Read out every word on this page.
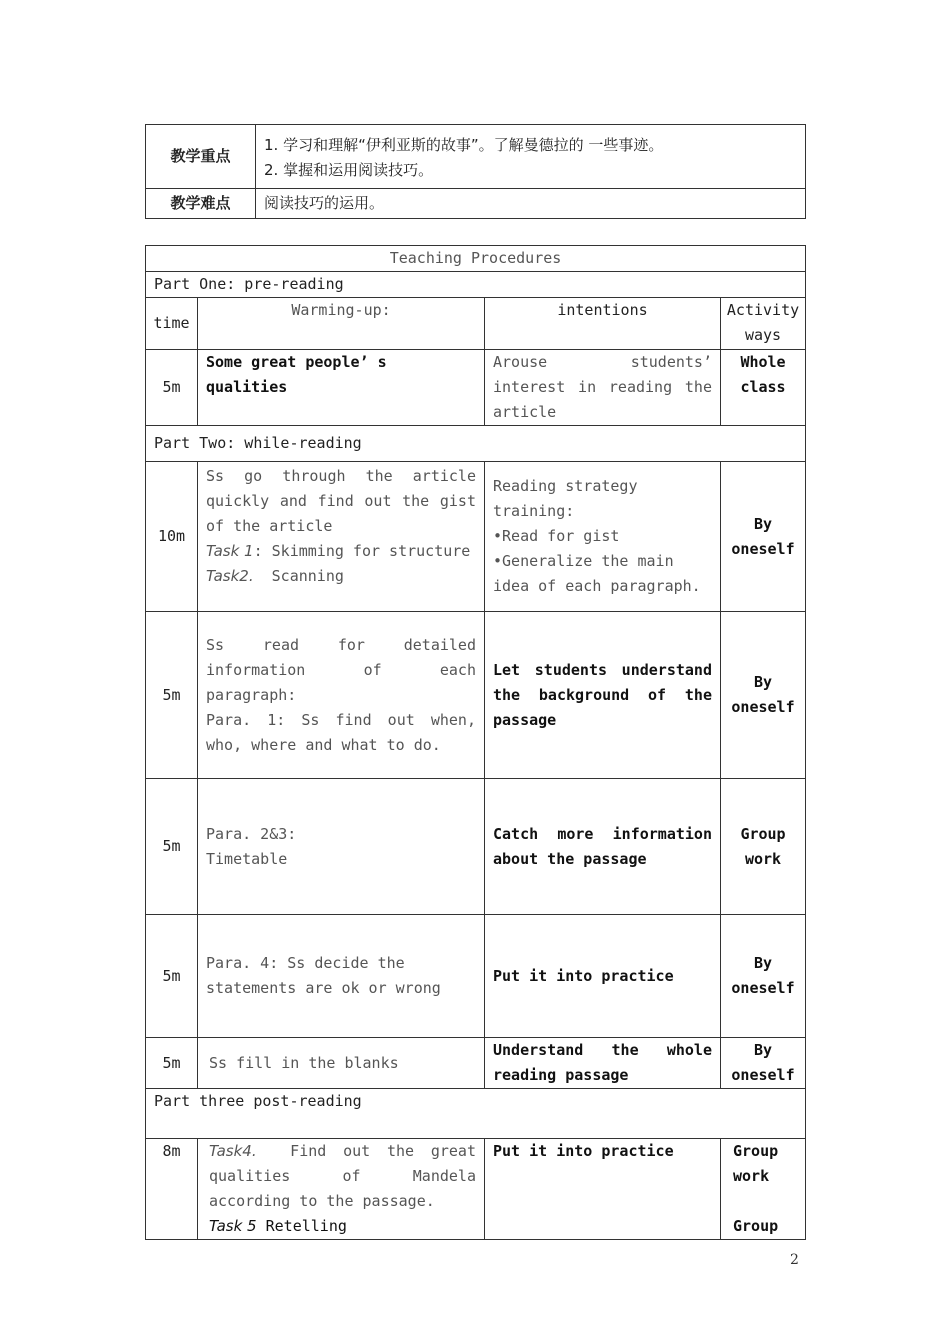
教学重点	1. 学习和理解“伊利亚斯的故事”。了解曼德拉的 一些事迹。
2. 掌握和运用阅读技巧。

教学难点	阅读技巧的运用。
Teaching Procedures			
Part One: pre-reading			
time	Warming-up:	intentions	Activity
ways

5m	Some great people’ s qualities	Arouse students’ interest in reading the article	Whole
class

Part Two: while-reading			
10m	Ss go through the article quickly and find out the gist of the article
Task 1: Skimming for structure
Task2.  Scanning	Reading strategy training:
•Read for gist
•Generalize the main idea of each paragraph.	By
oneself

5m	Ss read for detailed information of each paragraph:
Para. 1: Ss find out when, who, where and what to do.	Let students understand the background of the passage	By
oneself

5m	Para. 2&3:
Timetable	Catch more information about the passage	Group
work

5m	Para. 4: Ss decide the
statements are ok or wrong	Put it into practice	By
oneself

5m	Ss fill in the blanks	Understand the whole reading passage	By
oneself

Part three post-reading			
8m	Task4.  Find out the great qualities of Mandela according to the passage.
Task 5 Retelling	Put it into practice	Group
work
Group
2
